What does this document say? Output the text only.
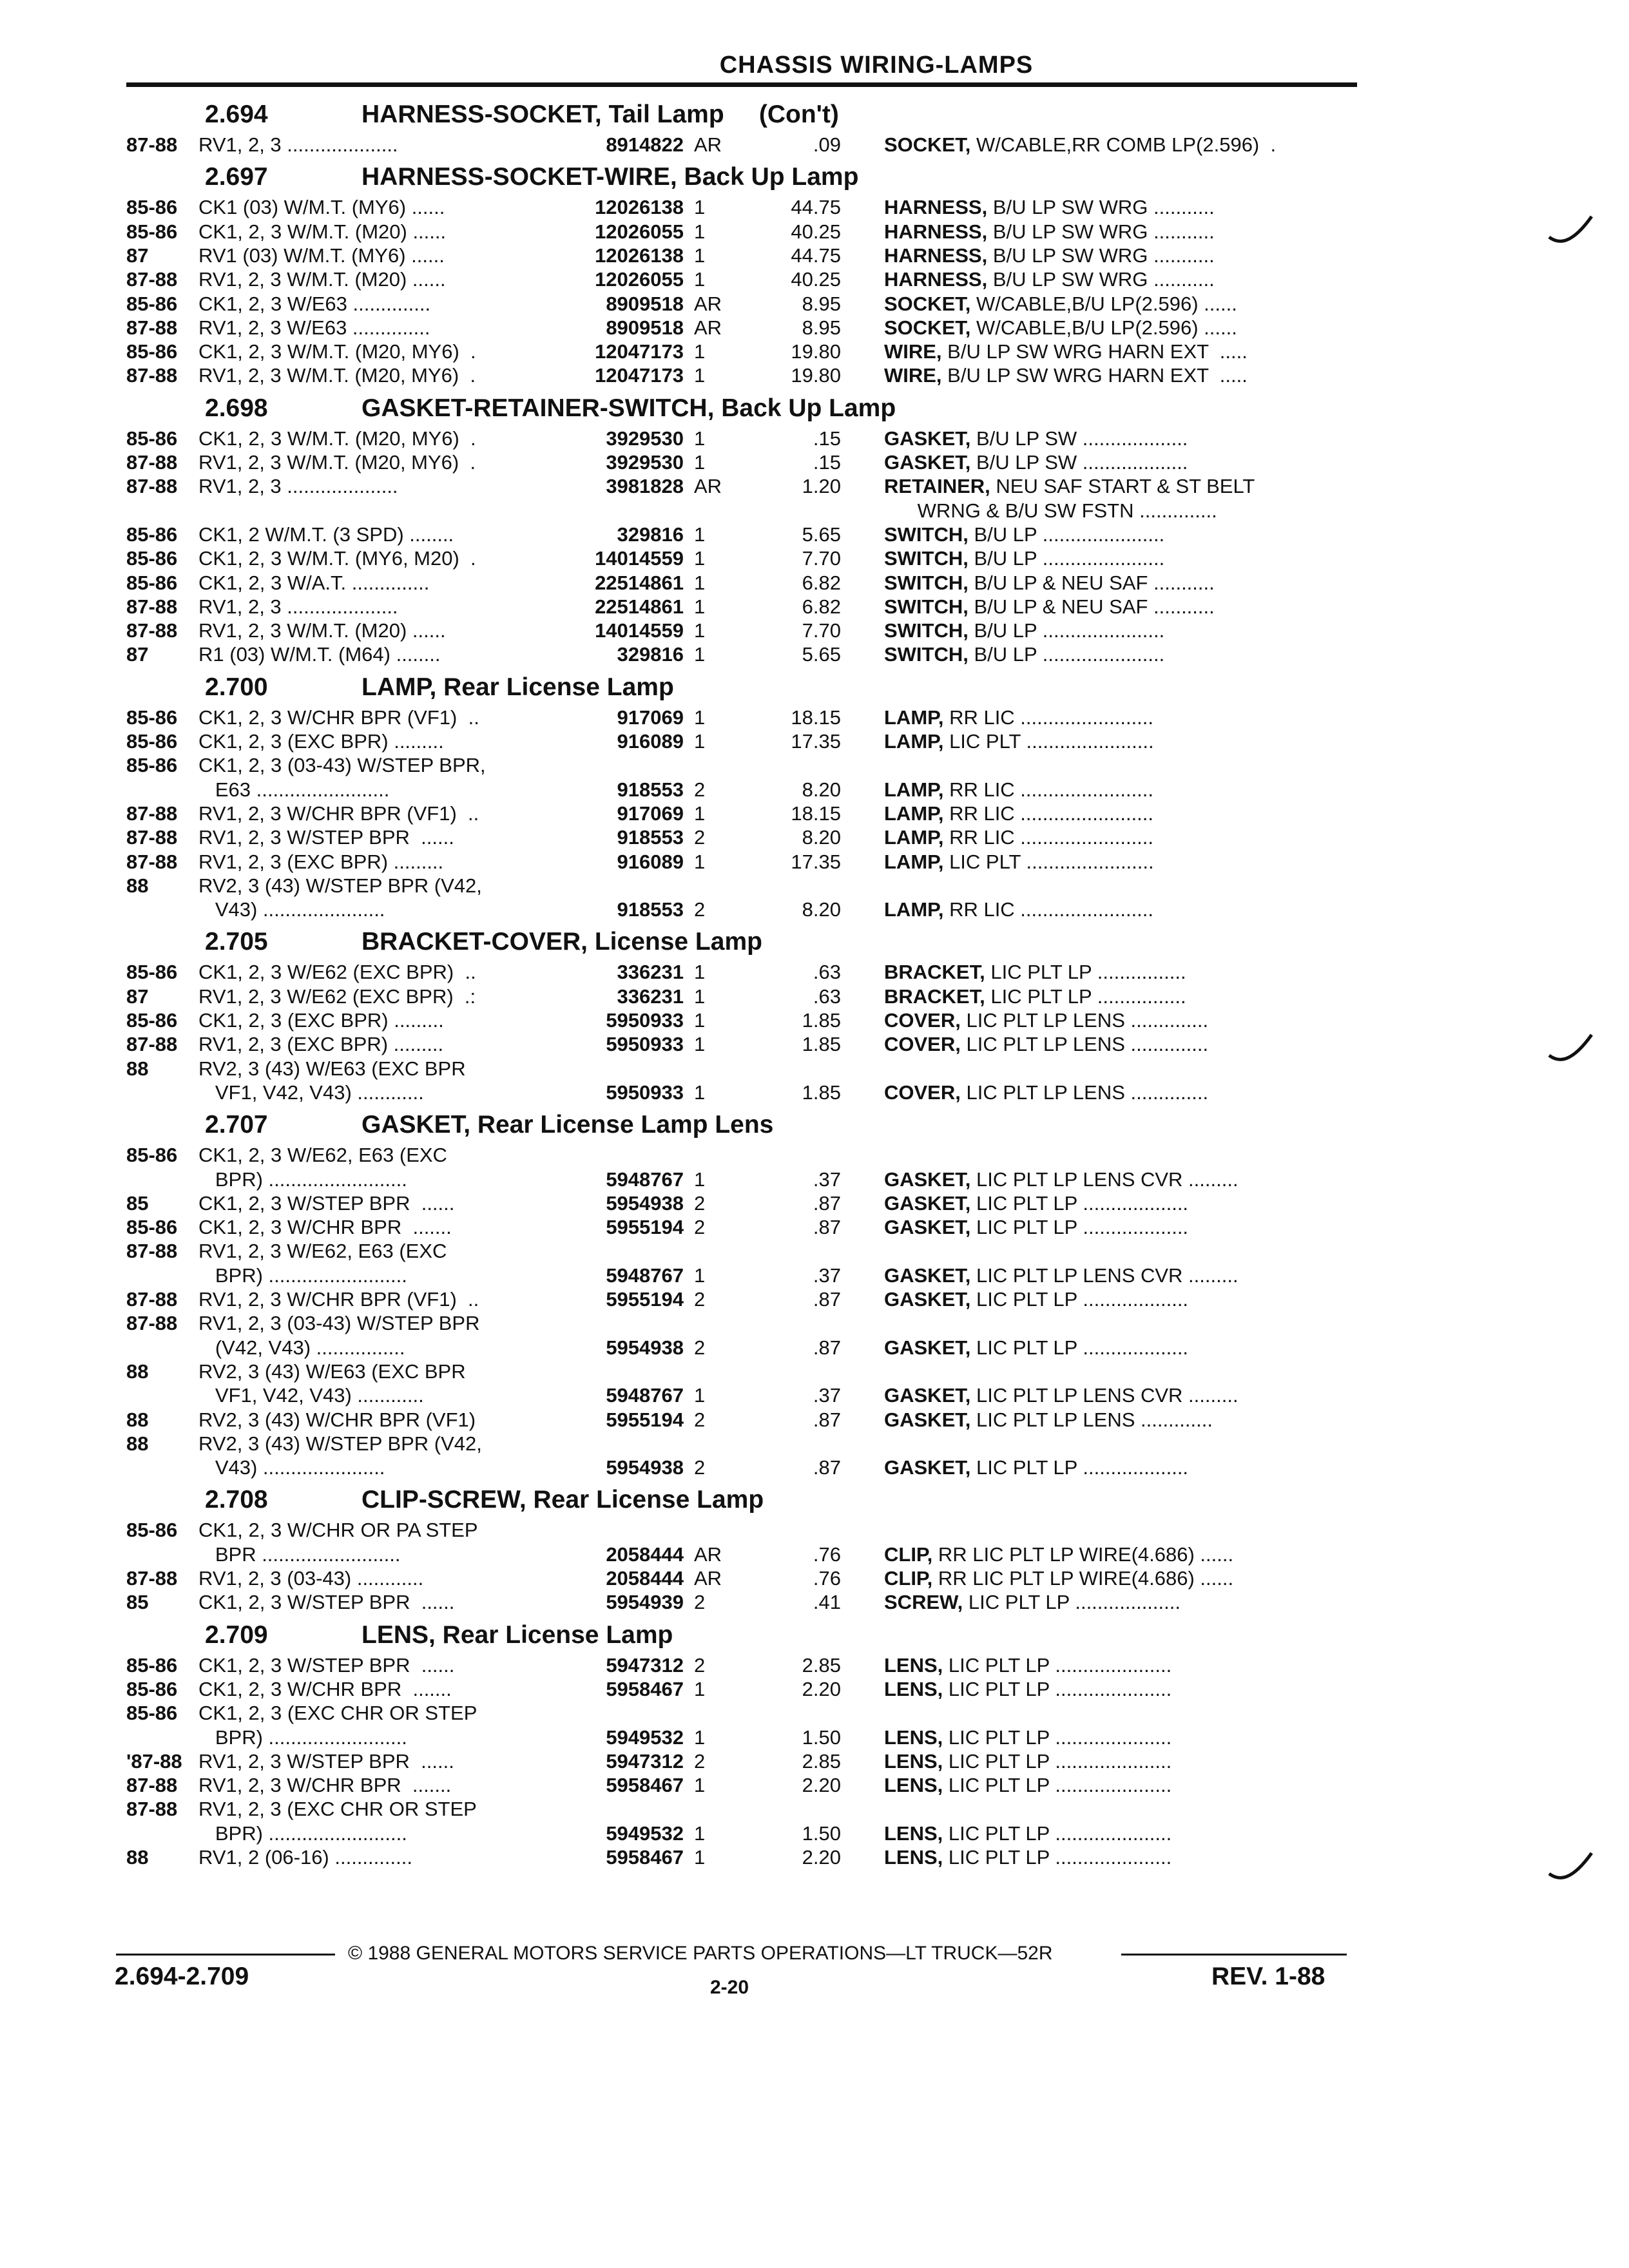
CHASSIS WIRING-LAMPS
2.694	HARNESS-SOCKET, Tail Lamp     (Con't)
87-88 RV1, 2, 3 ....................	8914822 AR	.09 SOCKET, W/CABLE,RR COMB LP(2.596)  .
2.697	HARNESS-SOCKET-WIRE, Back Up Lamp
85-86 CK1 (03) W/M.T. (MY6) ......	12026138 1	44.75 HARNESS, B/U LP SW WRG ...........
85-86 CK1, 2, 3 W/M.T. (M20) ......	12026055 1	40.25 HARNESS, B/U LP SW WRG ...........
87	RV1 (03) W/M.T. (MY6) ......	12026138 1	44.75 HARNESS, B/U LP SW WRG ...........
87-88 RV1, 2, 3 W/M.T. (M20) ......	12026055 1	40.25 HARNESS, B/U LP SW WRG ...........
85-86 CK1, 2, 3 W/E63 ..............	8909518 AR	8.95 SOCKET, W/CABLE,B/U LP(2.596) ......
87-88 RV1, 2, 3 W/E63 ..............	8909518 AR	8.95 SOCKET, W/CABLE,B/U LP(2.596) ......
85-86 CK1, 2, 3 W/M.T. (M20, MY6)  .	12047173 1	19.80 WIRE, B/U LP SW WRG HARN EXT  .....
87-88 RV1, 2, 3 W/M.T. (M20, MY6)  .	12047173 1	19.80 WIRE, B/U LP SW WRG HARN EXT  .....
2.698	GASKET-RETAINER-SWITCH, Back Up Lamp
85-86 CK1, 2, 3 W/M.T. (M20, MY6)  .	3929530 1	.15 GASKET, B/U LP SW ...................
87-88 RV1, 2, 3 W/M.T. (M20, MY6)  .	3929530 1	.15 GASKET, B/U LP SW ...................
87-88 RV1, 2, 3 ....................	3981828 AR	1.20 RETAINER, NEU SAF START & ST BELT
WRNG & B/U SW FSTN ..............
85-86 CK1, 2 W/M.T. (3 SPD) ........	329816 1	5.65 SWITCH, B/U LP ......................
85-86 CK1, 2, 3 W/M.T. (MY6, M20)  .	14014559 1	7.70 SWITCH, B/U LP ......................
85-86 CK1, 2, 3 W/A.T. ..............	22514861 1	6.82 SWITCH, B/U LP & NEU SAF ...........
87-88 RV1, 2, 3 ....................	22514861 1	6.82 SWITCH, B/U LP & NEU SAF ...........
87-88 RV1, 2, 3 W/M.T. (M20) ......	14014559 1	7.70 SWITCH, B/U LP ......................
87	R1 (03) W/M.T. (M64) ........	329816 1	5.65 SWITCH, B/U LP ......................
2.700	LAMP, Rear License Lamp
85-86 CK1, 2, 3 W/CHR BPR (VF1)  ..	917069 1	18.15 LAMP, RR LIC ........................
85-86 CK1, 2, 3 (EXC BPR) .........	916089 1	17.35 LAMP, LIC PLT .......................
85-86 CK1, 2, 3 (03-43) W/STEP BPR,
E63 ........................	918553 2	8.20 LAMP, RR LIC ........................
87-88 RV1, 2, 3 W/CHR BPR (VF1)  ..	917069 1	18.15 LAMP, RR LIC ........................
87-88 RV1, 2, 3 W/STEP BPR  ......	918553 2	8.20 LAMP, RR LIC ........................
87-88 RV1, 2, 3 (EXC BPR) .........	916089 1	17.35 LAMP, LIC PLT .......................
88	RV2, 3 (43) W/STEP BPR (V42,
V43) ......................	918553 2	8.20 LAMP, RR LIC ........................
2.705	BRACKET-COVER, License Lamp
85-86 CK1, 2, 3 W/E62 (EXC BPR)  ..	336231 1	.63 BRACKET, LIC PLT LP ................
87	RV1, 2, 3 W/E62 (EXC BPR)  .:	336231 1	.63 BRACKET, LIC PLT LP ................
85-86 CK1, 2, 3 (EXC BPR) .........	5950933 1	1.85 COVER, LIC PLT LP LENS ..............
87-88 RV1, 2, 3 (EXC BPR) .........	5950933 1	1.85 COVER, LIC PLT LP LENS ..............
88	RV2, 3 (43) W/E63 (EXC BPR
VF1, V42, V43) ............	5950933 1	1.85 COVER, LIC PLT LP LENS ..............
2.707	GASKET, Rear License Lamp Lens
85-86 CK1, 2, 3 W/E62, E63 (EXC
BPR) .........................	5948767 1	.37 GASKET, LIC PLT LP LENS CVR .........
85	CK1, 2, 3 W/STEP BPR  ......	5954938 2	.87 GASKET, LIC PLT LP ...................
85-86 CK1, 2, 3 W/CHR BPR  .......	5955194 2	.87 GASKET, LIC PLT LP ...................
87-88 RV1, 2, 3 W/E62, E63 (EXC
BPR) .........................	5948767 1	.37 GASKET, LIC PLT LP LENS CVR .........
87-88 RV1, 2, 3 W/CHR BPR (VF1)  ..	5955194 2	.87 GASKET, LIC PLT LP ...................
87-88 RV1, 2, 3 (03-43) W/STEP BPR
(V42, V43) ................	5954938 2	.87 GASKET, LIC PLT LP ...................
88	RV2, 3 (43) W/E63 (EXC BPR
VF1, V42, V43) ............	5948767 1	.37 GASKET, LIC PLT LP LENS CVR .........
88	RV2, 3 (43) W/CHR BPR (VF1)	5955194 2	.87 GASKET, LIC PLT LP LENS .............
88	RV2, 3 (43) W/STEP BPR (V42,
V43) ......................	5954938 2	.87 GASKET, LIC PLT LP ...................
2.708	CLIP-SCREW, Rear License Lamp
85-86 CK1, 2, 3 W/CHR OR PA STEP
BPR .........................	2058444 AR	.76 CLIP, RR LIC PLT LP WIRE(4.686) ......
87-88 RV1, 2, 3 (03-43) ............	2058444 AR	.76 CLIP, RR LIC PLT LP WIRE(4.686) ......
85	CK1, 2, 3 W/STEP BPR  ......	5954939 2	.41 SCREW, LIC PLT LP ...................
2.709	LENS, Rear License Lamp
85-86 CK1, 2, 3 W/STEP BPR  ......	5947312 2	2.85 LENS, LIC PLT LP .....................
85-86 CK1, 2, 3 W/CHR BPR  .......	5958467 1	2.20 LENS, LIC PLT LP .....................
85-86 CK1, 2, 3 (EXC CHR OR STEP
BPR) .........................	5949532 1	1.50 LENS, LIC PLT LP .....................
'87-88 RV1, 2, 3 W/STEP BPR  ......	5947312 2	2.85 LENS, LIC PLT LP .....................
87-88 RV1, 2, 3 W/CHR BPR  .......	5958467 1	2.20 LENS, LIC PLT LP .....................
87-88 RV1, 2, 3 (EXC CHR OR STEP
BPR) .........................	5949532 1	1.50 LENS, LIC PLT LP .....................
88	RV1, 2 (06-16) ..............	5958467 1	2.20 LENS, LIC PLT LP .....................
© 1988 GENERAL MOTORS SERVICE PARTS OPERATIONS—LT TRUCK—52R
2.694-2.709	2-20	REV. 1-88
